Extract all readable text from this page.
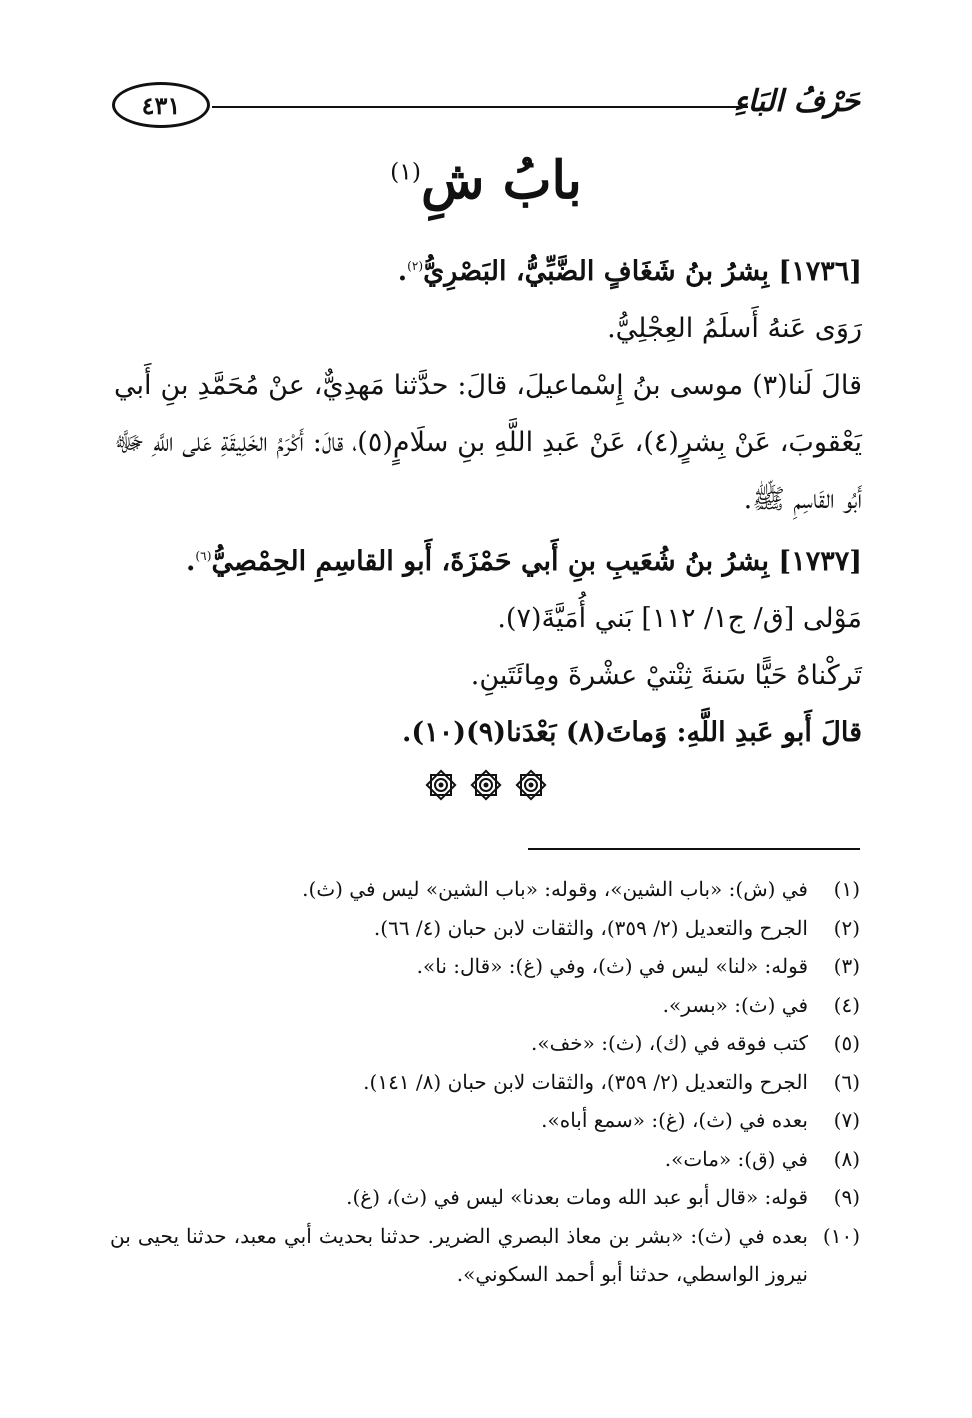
٤٣١	حَرْفُ البَاءِ
بابُ شِ$^{(١)}$

[١٧٣٦] بِشرُ بنُ شَغَافٍ الضَّبِّيُّ، البَصْرِيُّ$^{(٢)}$.

رَوَى عَنهُ أَسلَمُ العِجْلِيُّ.

قالَ لَنا(٣) موسى بنُ إِسْماعيلَ، قالَ: حدَّثنا مَهدِيٌّ، عنْ مُحَمَّدِ بنِ أَبي يَعْقوبَ، عَنْ بِشرٍ(٤)، عَنْ عَبدِ اللَّهِ بنِ سلَامٍ(٥)، قالَ: أَكْرَمُ الخَلِيقَةِ عَلى اللَّهِ ﷻ أَبُو القَاسِمِ ﷺ.

[١٧٣٧] بِشرُ بنُ شُعَيبِ بنِ أَبي حَمْزَةَ، أَبو القاسِمِ الحِمْصِيُّ$^{(٦)}$.

مَوْلى [ق/ ج١/ ١١٢] بَني أُمَيَّةَ(٧).

تَركْناهُ حَيًّا سَنةَ ثِنْتيْ عشْرةَ ومِائَتَينِ.

قالَ أَبو عَبدِ اللَّهِ: وَماتَ(٨) بَعْدَنا(٩)(١٠).

(١)
في (ش): «باب الشين»، وقوله: «باب الشين» ليس في (ث).
(٢)
الجرح والتعديل (٢/ ٣٥٩)، والثقات لابن حبان (٤/ ٦٦).
(٣)
قوله: «لنا» ليس في (ث)، وفي (غ): «قال: نا».
(٤)
في (ث): «بسر».
(٥)
كتب فوقه في (ك)، (ث): «خف».
(٦)
الجرح والتعديل (٢/ ٣٥٩)، والثقات لابن حبان (٨/ ١٤١).
(٧)
بعده في (ث)، (غ): «سمع أباه».
(٨)
في (ق): «مات».
(٩)
قوله: «قال أبو عبد الله ومات بعدنا» ليس في (ث)، (غ).
(١٠)
بعده في (ث): «بشر بن معاذ البصري الضرير. حدثنا بحديث أبي معبد، حدثنا يحيى بن نيروز الواسطي، حدثنا أبو أحمد السكوني».
